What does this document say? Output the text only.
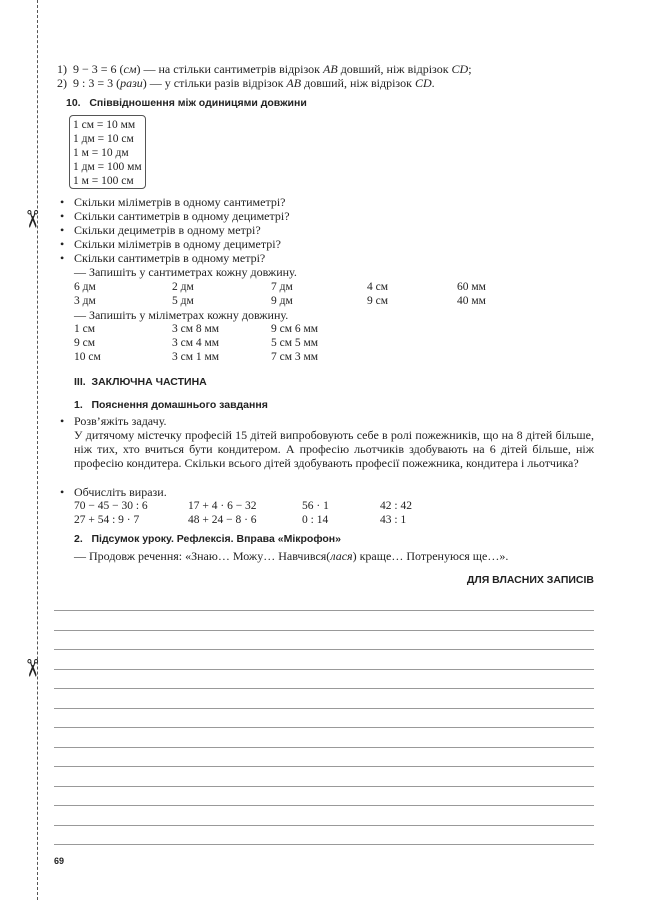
✂
✂
1) 9 − 3 = 6 (см) — на стільки сантиметрів відрізок AB довший, ніж відрізок CD;
2) 9 : 3 = 3 (рази) — у стільки разів відрізок AB довший, ніж відрізок CD.
10.   Співвідношення між одиницями довжини
1 см = 10 мм
1 дм = 10 см
1 м = 10 дм
1 дм = 100 мм
1 м = 100 см
• Скільки міліметрів в одному сантиметрі?
• Скільки сантиметрів в одному дециметрі?
• Скільки дециметрів в одному метрі?
• Скільки міліметрів в одному дециметрі?
• Скільки сантиметрів в одному метрі?
— Запишіть у сантиметрах кожну довжину.
6 дм	2 дм	7 дм	4 см	60 мм
3 дм	5 дм	9 дм	9 см	40 мм
— Запишіть у міліметрах кожну довжину.
1 см	3 см 8 мм	9 см 6 мм
9 см	3 см 4 мм	5 см 5 мм
10 см	3 см 1 мм	7 см 3 мм
ІІІ.  ЗАКЛЮЧНА ЧАСТИНА
1.   Пояснення домашнього завдання
• Розв’яжіть задачу.
У дитячому містечку професій 15 дітей випробовують себе в ролі пожежників, що на 8 дітей більше, ніж тих, хто вчиться бути кондитером. А професію льотчиків здобувають на 6 дітей більше, ніж професію кондитера. Скільки всього дітей здобувають професії пожежника, кондитера і льотчика?
• Обчисліть вирази.
70 − 45 − 30 : 6	17 + 4 · 6 − 32	56 · 1	42 : 42
27 + 54 : 9 · 7	48 + 24 − 8 · 6	0 : 14	43 : 1
2.   Підсумок уроку. Рефлексія. Вправа «Мікрофон»
— Продовж речення: «Знаю… Можу… Навчився(лася) краще… Потренуюся ще…».
ДЛЯ ВЛАСНИХ ЗАПИСІВ
69
